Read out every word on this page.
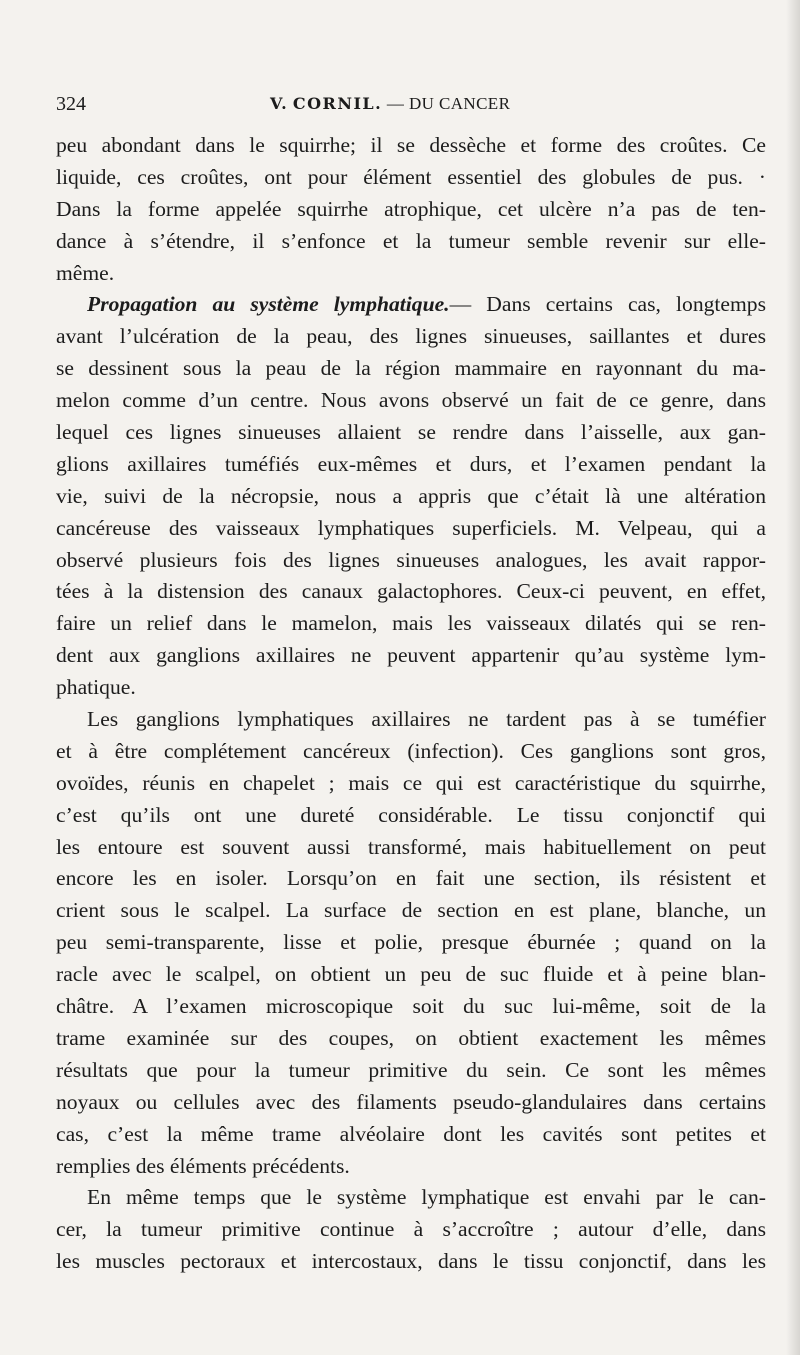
324	V. CORNIL. — DU CANCER
peu abondant dans le squirrhe; il se dessèche et forme des croûtes. Ce
liquide, ces croûtes, ont pour élément essentiel des globules de pus. ·
Dans la forme appelée squirrhe atrophique, cet ulcère n’a pas de ten-
dance à s’étendre, il s’enfonce et la tumeur semble revenir sur elle-
même.
Propagation au système lymphatique.— Dans certains cas, longtemps
avant l’ulcération de la peau, des lignes sinueuses, saillantes et dures
se dessinent sous la peau de la région mammaire en rayonnant du ma-
melon comme d’un centre. Nous avons observé un fait de ce genre, dans
lequel ces lignes sinueuses allaient se rendre dans l’aisselle, aux gan-
glions axillaires tuméfiés eux-mêmes et durs, et l’examen pendant la
vie, suivi de la nécropsie, nous a appris que c’était là une altération
cancéreuse des vaisseaux lymphatiques superficiels. M. Velpeau, qui a
observé plusieurs fois des lignes sinueuses analogues, les avait rappor-
tées à la distension des canaux galactophores. Ceux-ci peuvent, en effet,
faire un relief dans le mamelon, mais les vaisseaux dilatés qui se ren-
dent aux ganglions axillaires ne peuvent appartenir qu’au système lym-
phatique.
Les ganglions lymphatiques axillaires ne tardent pas à se tuméfier
et à être complétement cancéreux (infection). Ces ganglions sont gros,
ovoïdes, réunis en chapelet ; mais ce qui est caractéristique du squirrhe,
c’est qu’ils ont une dureté considérable. Le tissu conjonctif qui
les entoure est souvent aussi transformé, mais habituellement on peut
encore les en isoler. Lorsqu’on en fait une section, ils résistent et
crient sous le scalpel. La surface de section en est plane, blanche, un
peu semi-transparente, lisse et polie, presque éburnée ; quand on la
racle avec le scalpel, on obtient un peu de suc fluide et à peine blan-
châtre. A l’examen microscopique soit du suc lui-même, soit de la
trame examinée sur des coupes, on obtient exactement les mêmes
résultats que pour la tumeur primitive du sein. Ce sont les mêmes
noyaux ou cellules avec des filaments pseudo-glandulaires dans certains
cas, c’est la même trame alvéolaire dont les cavités sont petites et
remplies des éléments précédents.
En même temps que le système lymphatique est envahi par le can-
cer, la tumeur primitive continue à s’accroître ; autour d’elle, dans
les muscles pectoraux et intercostaux, dans le tissu conjonctif, dans les
